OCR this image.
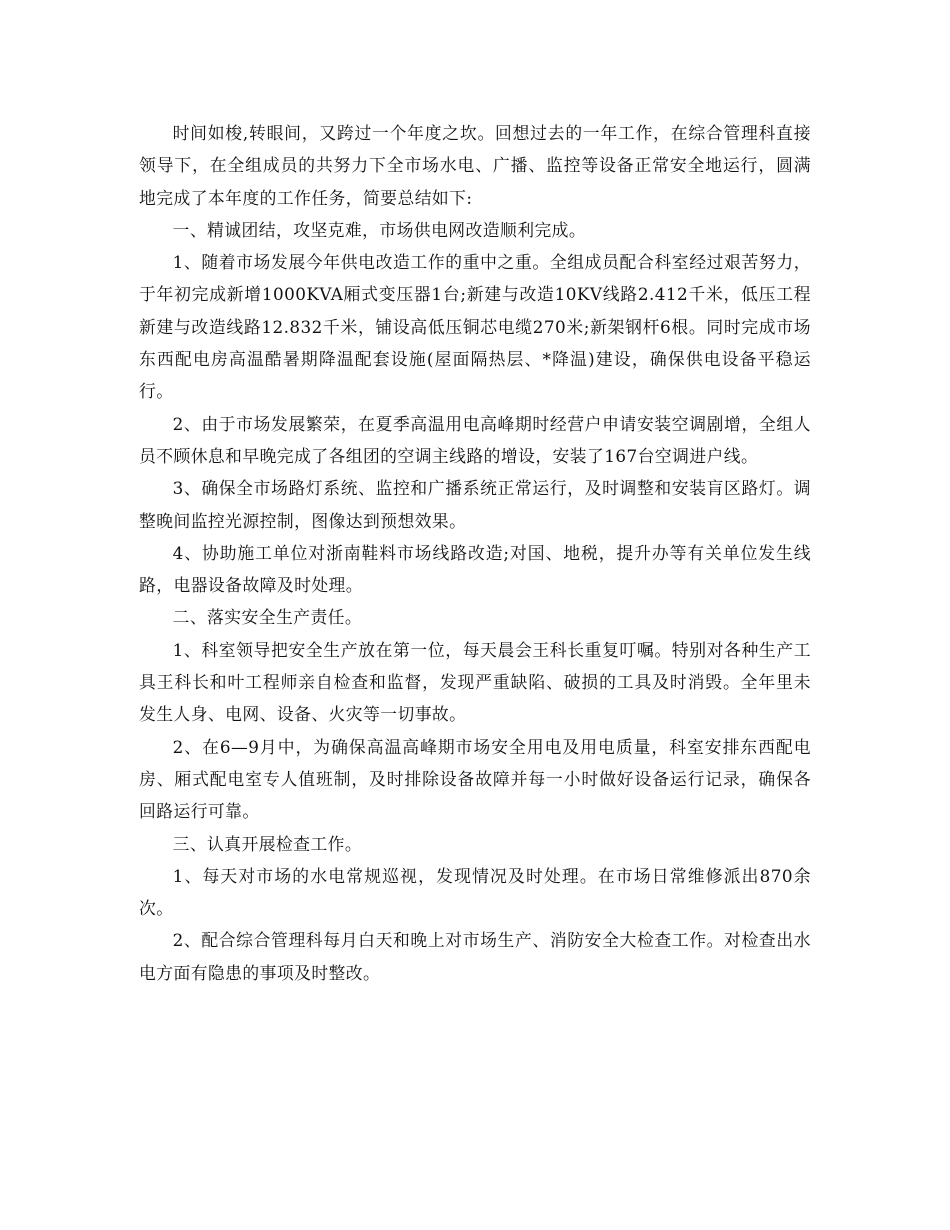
时间如梭,转眼间，又跨过一个年度之坎。回想过去的一年工作，在综合管理科直接领导下，在全组成员的共努力下全市场水电、广播、监控等设备正常安全地运行，圆满地完成了本年度的工作任务，简要总结如下:

一、精诚团结，攻坚克难，市场供电网改造顺利完成。

1、随着市场发展今年供电改造工作的重中之重。全组成员配合科室经过艰苦努力，于年初完成新增1000KVA厢式变压器1台;新建与改造10KV线路2.412千米，低压工程新建与改造线路12.832千米，铺设高低压铜芯电缆270米;新架钢杆6根。同时完成市场东西配电房高温酷暑期降温配套设施(屋面隔热层、*降温)建设，确保供电设备平稳运行。

2、由于市场发展繁荣，在夏季高温用电高峰期时经营户申请安装空调剧增，全组人员不顾休息和早晚完成了各组团的空调主线路的增设，安装了167台空调进户线。

3、确保全市场路灯系统、监控和广播系统正常运行，及时调整和安装肓区路灯。调整晚间监控光源控制，图像达到预想效果。

4、协助施工单位对浙南鞋料市场线路改造;对国、地税，提升办等有关单位发生线路，电器设备故障及时处理。

二、落实安全生产责任。

1、科室领导把安全生产放在第一位，每天晨会王科长重复叮嘱。特别对各种生产工具王科长和叶工程师亲自检查和监督，发现严重缺陷、破损的工具及时消毁。全年里未发生人身、电网、设备、火灾等一切事故。

2、在6—9月中，为确保高温高峰期市场安全用电及用电质量，科室安排东西配电房、厢式配电室专人值班制，及时排除设备故障并每一小时做好设备运行记录，确保各回路运行可靠。

三、认真开展检查工作。

1、每天对市场的水电常规巡视，发现情况及时处理。在市场日常维修派出870余次。

2、配合综合管理科每月白天和晚上对市场生产、消防安全大检查工作。对检查出水电方面有隐患的事项及时整改。
